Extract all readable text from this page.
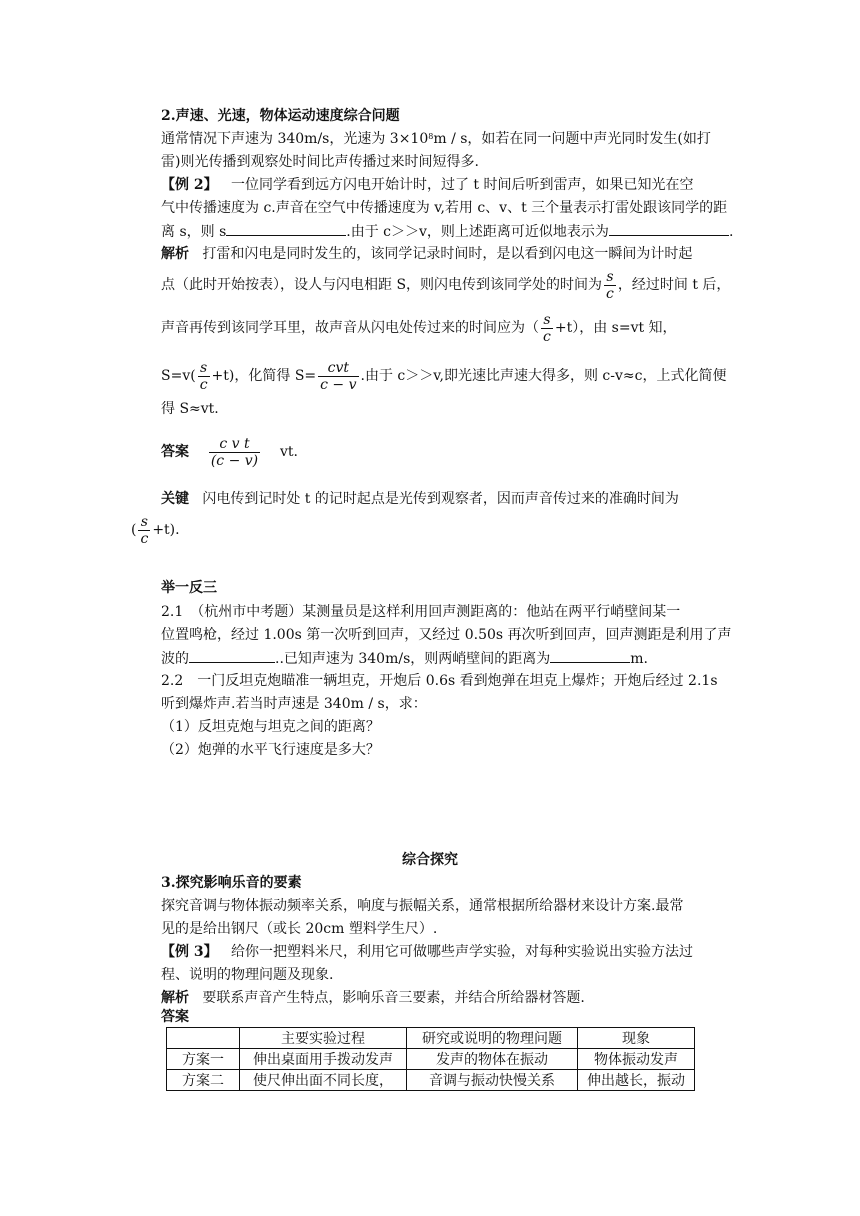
2.声速、光速，物体运动速度综合问题
通常情况下声速为 340m/s，光速为 $3\times 10^8m / s$，如若在同一问题中声光同时发生(如打
雷)则光传播到观察处时间比声传播过来时间短得多.
【例 2】 一位同学看到远方闪电开始计时，过了 t 时间后听到雷声，如果已知光在空
气中传播速度为 c.声音在空气中传播速度为 v,若用 c、v、t 三个量表示打雷处跟该同学的距
离 s，则 s	.由于 c＞＞v，则上述距离可近似地表示为	.
解析 打雷和闪电是同时发生的，该同学记录时间时，是以看到闪电这一瞬间为计时起
点（此时开始按表），设人与闪电相距 S，则闪电传到该同学处的时间为 $\frac{s}{c}$ ，经过时间 t 后，
声音再传到该同学耳里，故声音从闪电处传过来的时间应为（ $\frac{s}{c} +t$），由 s=vt 知，
$S=v( \frac{s}{c} +t)$，化简得 $S= \frac{\text{cvt}}{c - v}$ .由于 c＞＞v,即光速比声速大得多，则 c-v≈c，上式化简便
得 S≈vt.
答案 $\frac{\text{c v t}}{(c - v)}$ vt.
关键 闪电传到记时处 t 的记时起点是光传到观察者，因而声音传过来的准确时间为
( $\frac{s}{c} +t$).
举一反三
2.1　（杭州市中考题）某测量员是这样利用回声测距离的：他站在两平行峭壁间某一
位置鸣枪，经过 1.00s 第一次听到回声，又经过 0.50s 再次听到回声，回声测距是利用了声
波的	..已知声速为 340m/s，则两峭壁间的距离为	m.
2.2　一门反坦克炮瞄准一辆坦克，开炮后 0.6s 看到炮弹在坦克上爆炸；开炮后经过 2.1s
听到爆炸声.若当时声速是 340m / s，求：
（1）反坦克炮与坦克之间的距离？
（2）炮弹的水平飞行速度是多大？
综合探究
3.探究影响乐音的要素
探究音调与物体振动频率关系，响度与振幅关系，通常根据所给器材来设计方案.最常
见的是给出钢尺（或长 20cm 塑料学生尺）.
【例 3】 给你一把塑料米尺，利用它可做哪些声学实验，对每种实验说出实验方法过
程、说明的物理问题及现象.
解析 要联系声音产生特点，影响乐音三要素，并结合所给器材答题.
答案
	主要实验过程	研究或说明的物理问题	现象
方案一	伸出桌面用手拨动发声	发声的物体在振动	物体振动发声
方案二	使尺伸出面不同长度，	音调与振动快慢关系	伸出越长，振动
